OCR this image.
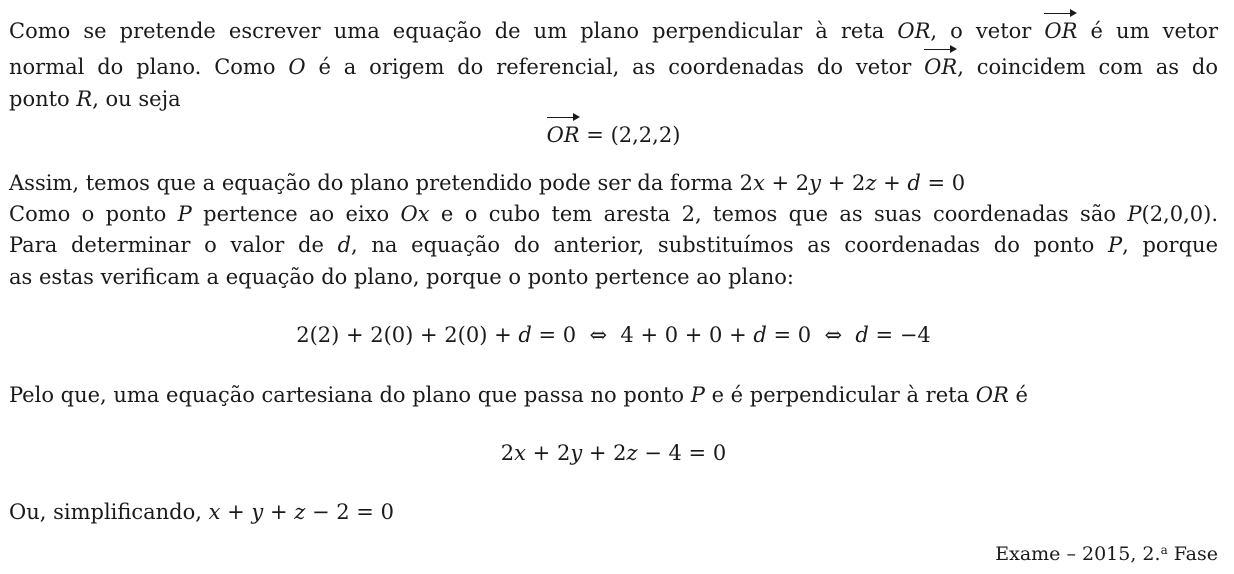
Como se pretende escrever uma equação de um plano perpendicular à reta OR, o vetor OR é um vetor
normal do plano. Como O é a origem do referencial, as coordenadas do vetor OR, coincidem com as do
ponto R, ou seja
OR = (2,2,2)
Assim, temos que a equação do plano pretendido pode ser da forma 2x + 2y + 2z + d = 0
Como o ponto P pertence ao eixo Ox e o cubo tem aresta 2, temos que as suas coordenadas são P(2,0,0).
Para determinar o valor de d, na equação do anterior, substituímos as coordenadas do ponto P, porque
as estas verificam a equação do plano, porque o ponto pertence ao plano:
2(2) + 2(0) + 2(0) + d = 0  ⇔  4 + 0 + 0 + d = 0  ⇔  d = −4
Pelo que, uma equação cartesiana do plano que passa no ponto P e é perpendicular à reta OR é
2x + 2y + 2z − 4 = 0
Ou, simplificando, x + y + z − 2 = 0
Exame – 2015, 2.$^a$ Fase
